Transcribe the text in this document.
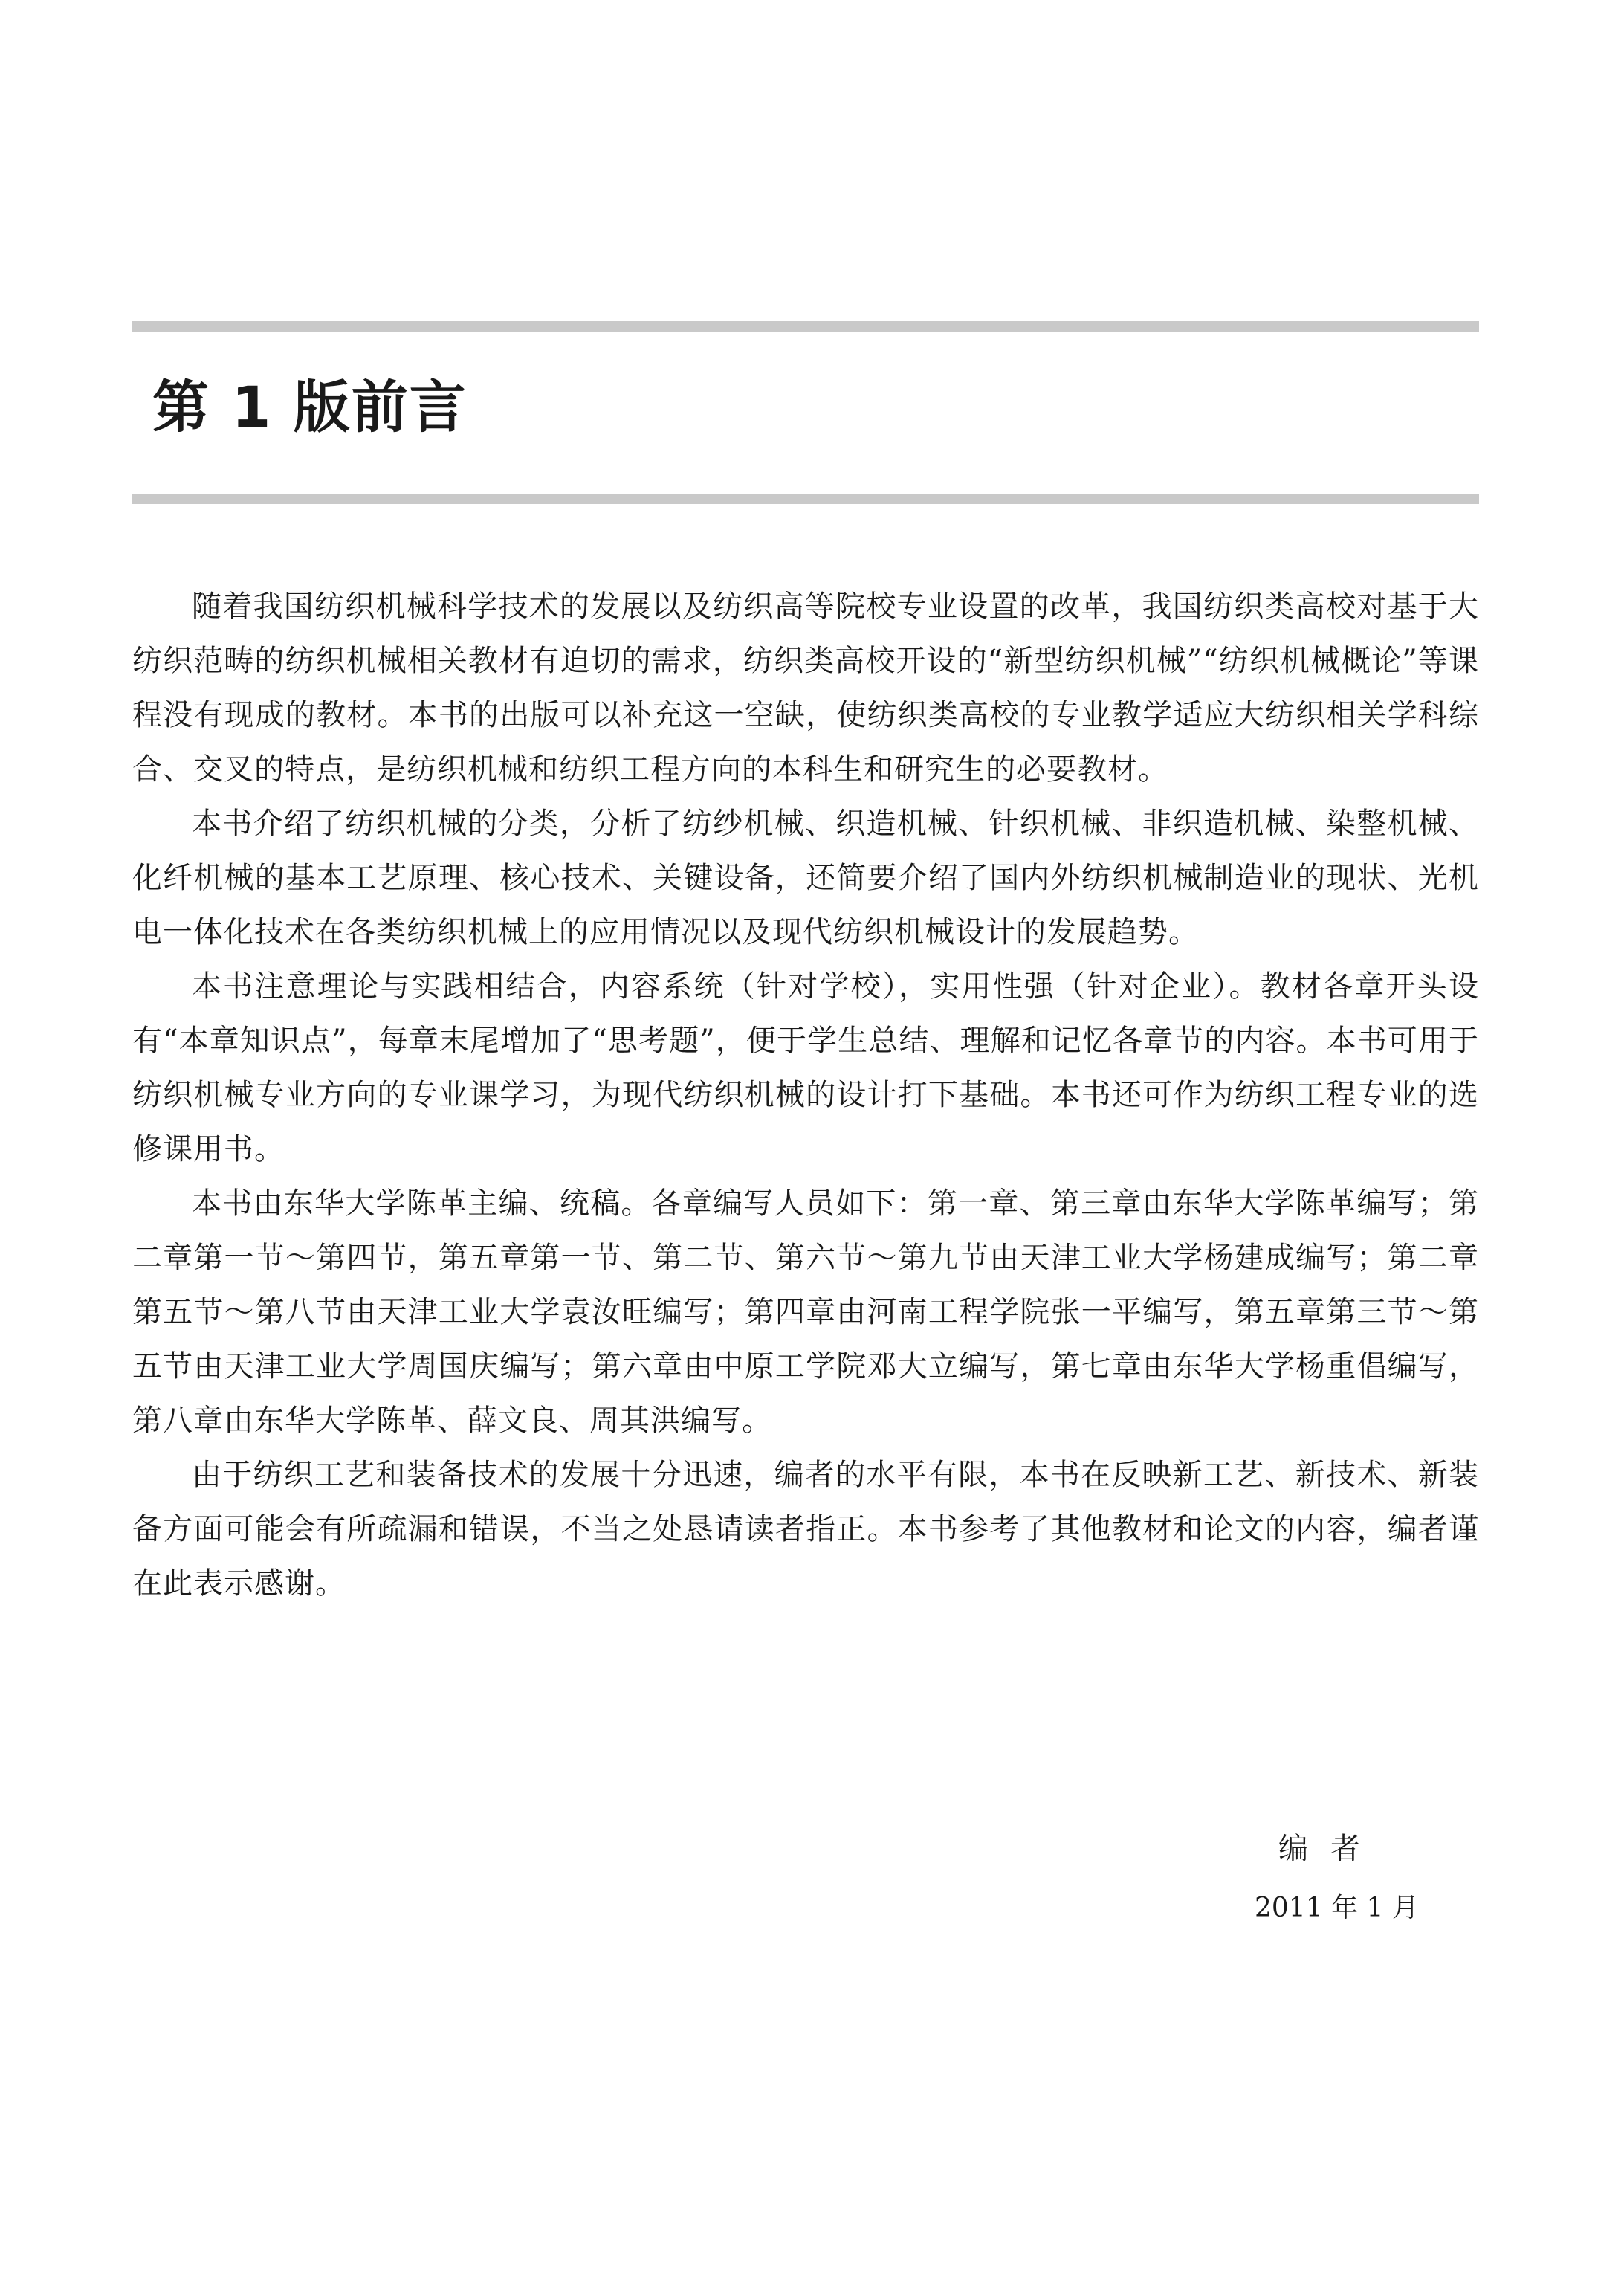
第 1 版前言

随着我国纺织机械科学技术的发展以及纺织高等院校专业设置的改革，我国纺织类高校对基于大纺织范畴的纺织机械相关教材有迫切的需求，纺织类高校开设的“新型纺织机械”“纺织机械概论”等课程没有现成的教材。本书的出版可以补充这一空缺，使纺织类高校的专业教学适应大纺织相关学科综合、交叉的特点，是纺织机械和纺织工程方向的本科生和研究生的必要教材。

本书介绍了纺织机械的分类，分析了纺纱机械、织造机械、针织机械、非织造机械、染整机械、化纤机械的基本工艺原理、核心技术、关键设备，还简要介绍了国内外纺织机械制造业的现状、光机电一体化技术在各类纺织机械上的应用情况以及现代纺织机械设计的发展趋势。

本书注意理论与实践相结合，内容系统（针对学校），实用性强（针对企业）。教材各章开头设有“本章知识点”，每章末尾增加了“思考题”，便于学生总结、理解和记忆各章节的内容。本书可用于纺织机械专业方向的专业课学习，为现代纺织机械的设计打下基础。本书还可作为纺织工程专业的选修课用书。

本书由东华大学陈革主编、统稿。各章编写人员如下：第一章、第三章由东华大学陈革编写；第二章第一节～第四节，第五章第一节、第二节、第六节～第九节由天津工业大学杨建成编写；第二章第五节～第八节由天津工业大学袁汝旺编写；第四章由河南工程学院张一平编写，第五章第三节～第五节由天津工业大学周国庆编写；第六章由中原工学院邓大立编写，第七章由东华大学杨重倡编写，第八章由东华大学陈革、薛文良、周其洪编写。

由于纺织工艺和装备技术的发展十分迅速，编者的水平有限，本书在反映新工艺、新技术、新装备方面可能会有所疏漏和错误，不当之处恳请读者指正。本书参考了其他教材和论文的内容，编者谨在此表示感谢。

编者
2011 年 1 月
